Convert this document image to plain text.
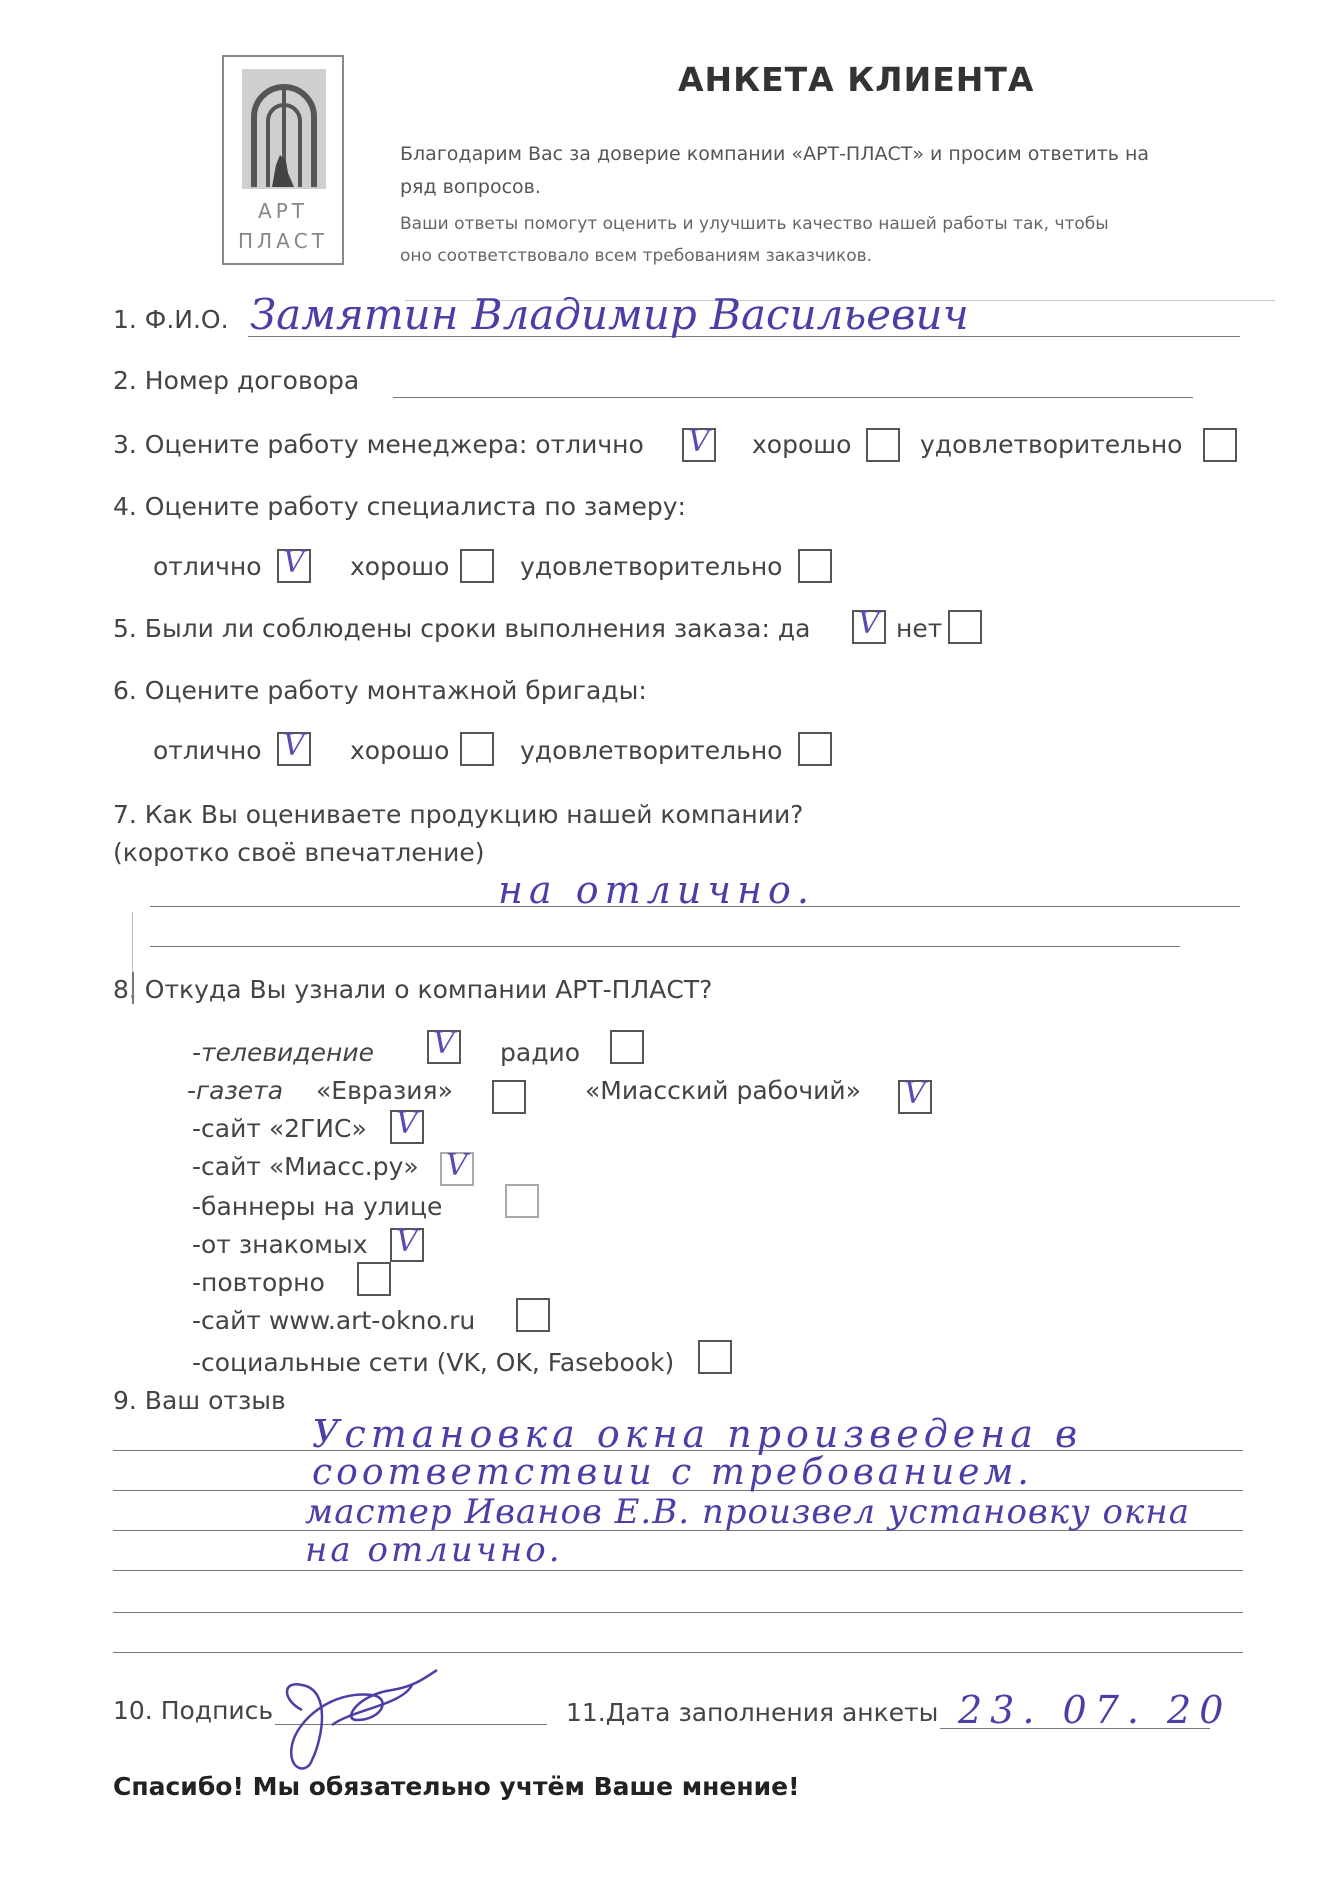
АРТ
ПЛАСТ
АНКЕТА КЛИЕНТА
Благодарим Вас за доверие компании «АРТ-ПЛАСТ» и просим ответить на
ряд вопросов.
Ваши ответы помогут оценить и улучшить качество нашей работы так, чтобы
оно соответствовало всем требованиям заказчиков.
1. Ф.И.О. Замятин Владимир Васильевич
2. Номер договора
3. Оцените работу менеджера: отлично V хорошо	удовлетворительно
4. Оцените работу специалиста по замеру:
отлично V хорошо	удовлетворительно
5. Были ли соблюдены сроки выполнения заказа: да V нет
6. Оцените работу монтажной бригады:
отлично V хорошо	удовлетворительно
7. Как Вы оцениваете продукцию нашей компании?
(коротко своё впечатление)
на отлично.
8. Откуда Вы узнали о компании АРТ-ПЛАСТ?
-телевидение V радио
-газета «Евразия»	«Миасский рабочий» V
-сайт «2ГИС» V
-сайт «Миасс.ру» V
-баннеры на улице
-от знакомых V
-повторно
-сайт www.art-okno.ru
-социальные сети (VK, OK, Fasebook)
9. Ваш отзыв
Установка окна произведена в
соответствии с требованием.
мастер Иванов Е.В. произвел установку окна
на отлично.
10. Подпись	11.Дата заполнения анкеты 23. 07. 20
Спасибо! Мы обязательно учтём Ваше мнение!
